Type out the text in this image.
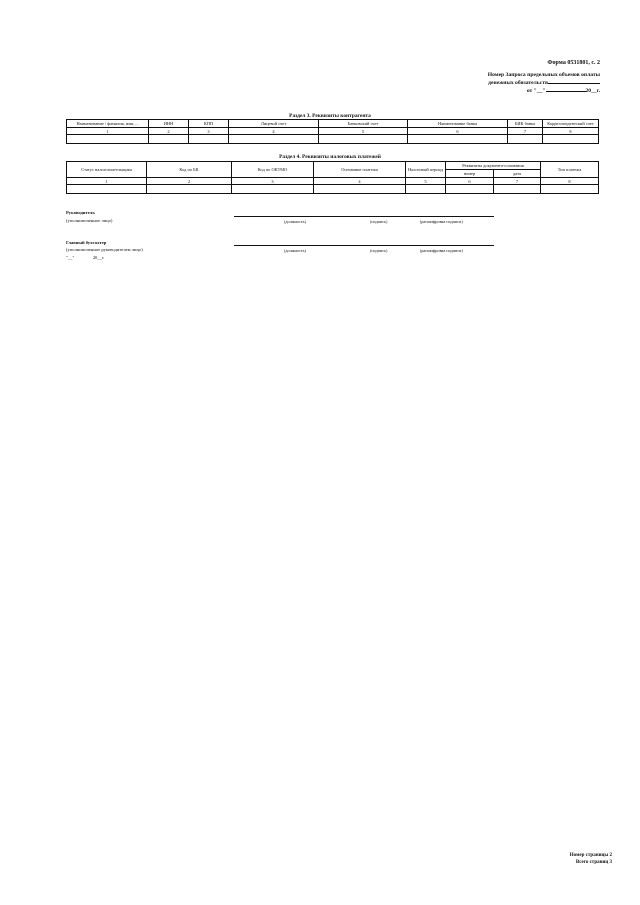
Форма 0531801, с. 2
Номер Запроса предельных объемов оплаты
денежных обязательств
от "__"	20__г.
Раздел 3. Реквизиты контрагента
Наименование / фамилия, имя, ...	ИНН	КПП	Лицевой счет	Банковский счет	Наименование банка	БИК банка	Корреспондентский счет
1	2	3	4	5	6	7	8

Раздел 4. Реквизиты налоговых платежей
Статус налогоплательщика	Код по БК	Код по ОКТМО	Основание платежа	Налоговый период	Реквизиты документа-основания		Тип платежа
					номер	дата	
1	2	3	4	5	6	7	8

Руководитель
(уполномоченное лицо)	(должность)	(подпись)	(расшифровка подписи)
Главный бухгалтер
(уполномоченное руководителем лицо)	(должность)	(подпись)	(расшифровка подписи)
"__"                20__г.
Номер страницы 2
Всего страниц 3
